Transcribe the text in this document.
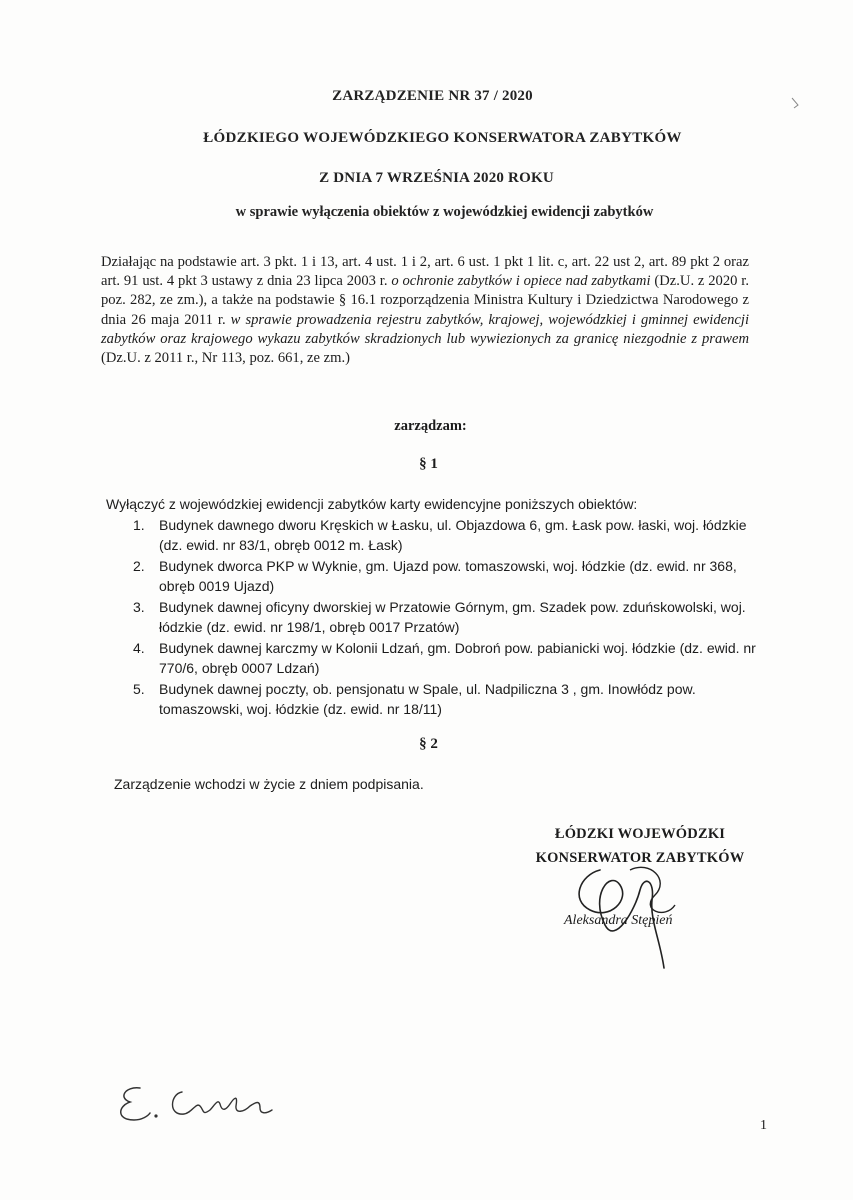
ZARZĄDZENIE NR 37 / 2020
ŁÓDZKIEGO WOJEWÓDZKIEGO KONSERWATORA ZABYTKÓW
Z DNIA 7 WRZEŚNIA 2020 ROKU
w sprawie wyłączenia obiektów z wojewódzkiej ewidencji zabytków
Działając na podstawie art. 3 pkt. 1 i 13, art. 4 ust. 1 i 2, art. 6 ust. 1 pkt 1 lit. c, art. 22 ust 2, art. 89 pkt 2 oraz art. 91 ust. 4 pkt 3 ustawy z dnia 23 lipca 2003 r. o ochronie zabytków i opiece nad zabytkami (Dz.U. z 2020 r. poz. 282, ze zm.), a także na podstawie § 16.1 rozporządzenia Ministra Kultury i Dziedzictwa Narodowego z dnia 26 maja 2011 r. w sprawie prowadzenia rejestru zabytków, krajowej, wojewódzkiej i gminnej ewidencji zabytków oraz krajowego wykazu zabytków skradzionych lub wywiezionych za granicę niezgodnie z prawem (Dz.U. z 2011 r., Nr 113, poz. 661, ze zm.)
zarządzam:
§ 1
Wyłączyć z wojewódzkiej ewidencji zabytków karty ewidencyjne poniższych obiektów:
1. Budynek dawnego dworu Kręskich w Łasku, ul. Objazdowa 6, gm. Łask pow. łaski, woj. łódzkie (dz. ewid. nr 83/1, obręb 0012 m. Łask)
2. Budynek dworca PKP w Wyknie, gm. Ujazd pow. tomaszowski, woj. łódzkie (dz. ewid. nr 368, obręb 0019 Ujazd)
3. Budynek dawnej oficyny dworskiej w Przatowie Górnym, gm. Szadek pow. zduńskowolski, woj. łódzkie (dz. ewid. nr 198/1, obręb 0017 Przatów)
4. Budynek dawnej karczmy w Kolonii Ldzań, gm. Dobroń pow. pabianicki woj. łódzkie (dz. ewid. nr 770/6, obręb 0007 Ldzań)
5. Budynek dawnej poczty, ob. pensjonatu w Spale, ul. Nadpiliczna 3 , gm. Inowłódz pow. tomaszowski, woj. łódzkie (dz. ewid. nr 18/11)
§ 2
Zarządzenie wchodzi w życie z dniem podpisania.
ŁÓDZKI WOJEWÓDZKI
KONSERWATOR ZABYTKÓW
Aleksandra Stępień
1
